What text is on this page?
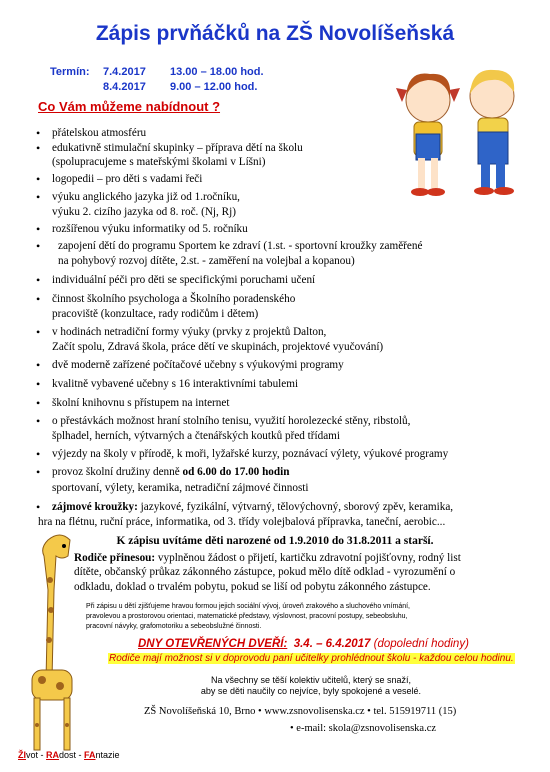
Zápis prvňáčků na ZŠ Novolíšeňská
Termín: 7.4.2017 13.00 – 18.00 hod.
8.4.2017 9.00 – 12.00 hod.
Co Vám můžeme nabídnout ?
• přátelskou atmosféru
• edukativně stimulační skupinky – příprava dětí na školu
(spolupracujeme s mateřskými školami v Líšni)
• logopedii – pro děti s vadami řeči
• výuku anglického jazyka již od 1.ročníku,
výuku 2. cizího jazyka od 8. roč. (Nj, Rj)
• rozšířenou výuku informatiky od 5. ročníku
• zapojení dětí do programu Sportem ke zdraví (1.st. - sportovní kroužky zaměřené
na pohybový rozvoj dítěte, 2.st. - zaměření na volejbal a kopanou)
• individuální péči pro děti se specifickými poruchami učení
• činnost školního psychologa a Školního poradenského
pracoviště (konzultace, rady rodičům i dětem)
• v hodinách netradiční formy výuky (prvky z projektů Dalton,
Začít spolu, Zdravá škola, práce dětí ve skupinách, projektové vyučování)
• dvě moderně zařízené počítačové učebny s výukovými programy
• kvalitně vybavené učebny s 16 interaktivními tabulemi
• školní knihovnu s přístupem na internet
• o přestávkách možnost hraní stolního tenisu, využití horolezecké stěny, ribstolů,
šplhadel, herních, výtvarných a čtenářských koutků před třídami
• výjezdy na školy v přírodě, k moři, lyžařské kurzy, poznávací výlety, výukové programy
• provoz školní družiny denně od 6.00 do 17.00 hodin
sportovaní, výlety, keramika, netradiční zájmové činnosti
• zájmové kroužky: jazykové, fyzikální, výtvarný, tělovýchovný, sborový zpěv, keramika,
hra na flétnu, ruční práce, informatika, od 3. třídy volejbalová přípravka, taneční, aerobic...
K zápisu uvítáme děti narozené od 1.9.2010 do 31.8.2011 a starší.
Rodiče přinesou: vyplněnou žádost o přijetí, kartičku zdravotní pojišťovny, rodný list
dítěte, občanský průkaz zákonného zástupce, pokud mělo dítě odklad - vyrozumění o
odkladu, doklad o trvalém pobytu, pokud se liší od pobytu zákonného zástupce.
Při zápisu u dětí zjišťujeme hravou formou jejich sociální vývoj, úroveň zrakového a sluchového vnímání,
pravolevou a prostorovou orientaci, matematické představy, výslovnost, pracovní postupy, sebeobsluhu,
pracovní návyky, grafomotoriku a sebeobslužné činnosti.
DNY OTEVŘENÝCH DVEŘÍ: 3.4. – 6.4.2017 (dopolední hodiny)
Rodiče mají možnost si v doprovodu paní učitelky prohlédnout školu - každou celou hodinu.
Na všechny se těší kolektiv učitelů, který se snaží,
aby se děti naučily co nejvíce, byly spokojené a veselé.
ZŠ Novolíšeňská 10, Brno • www.zsnovolisenska.cz • tel. 515919711 (15)
• e-mail: skola@zsnovolisenska.cz
ŽIvot - RAdost - FAntazie
